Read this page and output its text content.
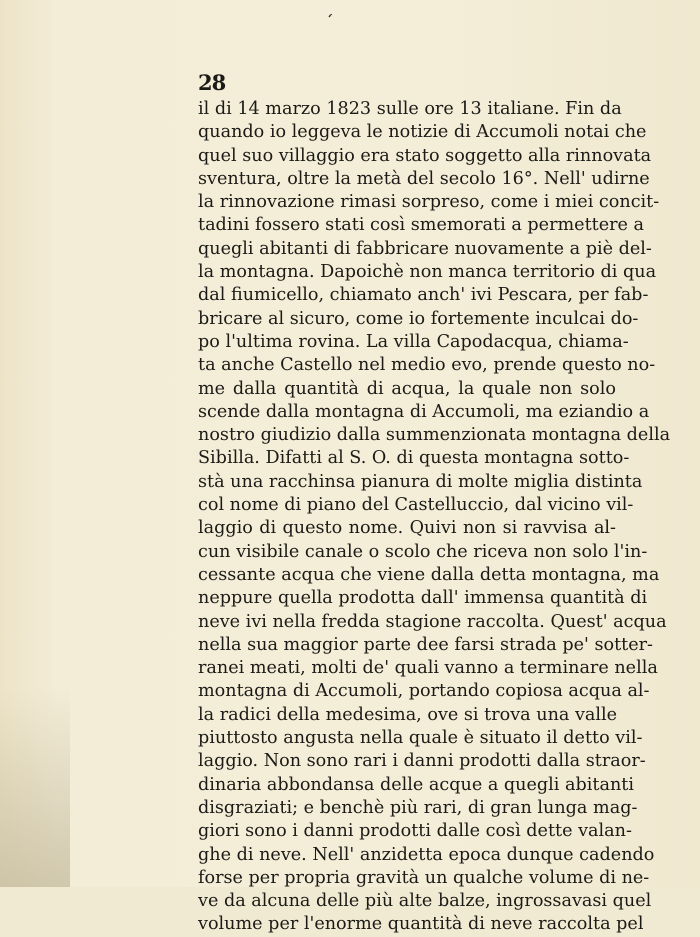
ʻ
28
il di 14 marzo 1823 sulle ore 13 italiane. Fin da
quando io leggeva le notizie di Accumoli notai che
quel suo villaggio era stato soggetto alla rinnovata
sventura, oltre la metà del secolo 16°. Nell' udirne
la rinnovazione rimasi sorpreso, come i miei concit-
tadini fossero stati così smemorati a permettere a
quegli abitanti di fabbricare nuovamente a piè del-
la montagna. Dapoichè non manca territorio di qua
dal fiumicello, chiamato anch' ivi Pescara, per fab-
bricare al sicuro, come io fortemente inculcai do-
po l'ultima rovina. La villa Capodacqua, chiama-
ta anche Castello nel medio evo, prende questo no-
me dalla quantità di acqua, la quale non solo
scende dalla montagna di Accumoli, ma eziandio a
nostro giudizio dalla summenzionata montagna della
Sibilla. Difatti al S. O. di questa montagna sotto-
stà una racchinsa pianura di molte miglia distinta
col nome di piano del Castelluccio, dal vicino vil-
laggio di questo nome. Quivi non si ravvisa al-
cun visibile canale o scolo che riceva non solo l'in-
cessante acqua che viene dalla detta montagna, ma
neppure quella prodotta dall' immensa quantità di
neve ivi nella fredda stagione raccolta. Quest' acqua
nella sua maggior parte dee farsi strada pe' sotter-
ranei meati, molti de' quali vanno a terminare nella
montagna di Accumoli, portando copiosa acqua al-
la radici della medesima, ove si trova una valle
piuttosto angusta nella quale è situato il detto vil-
laggio. Non sono rari i danni prodotti dalla straor-
dinaria abbondansa delle acque a quegli abitanti
disgraziati; e benchè più rari, di gran lunga mag-
giori sono i danni prodotti dalle così dette valan-
ghe di neve. Nell' anzidetta epoca dunque cadendo
forse per propria gravità un qualche volume di ne-
ve da alcuna delle più alte balze, ingrossavasi quel
volume per l'enorme quantità di neve raccolta pel
